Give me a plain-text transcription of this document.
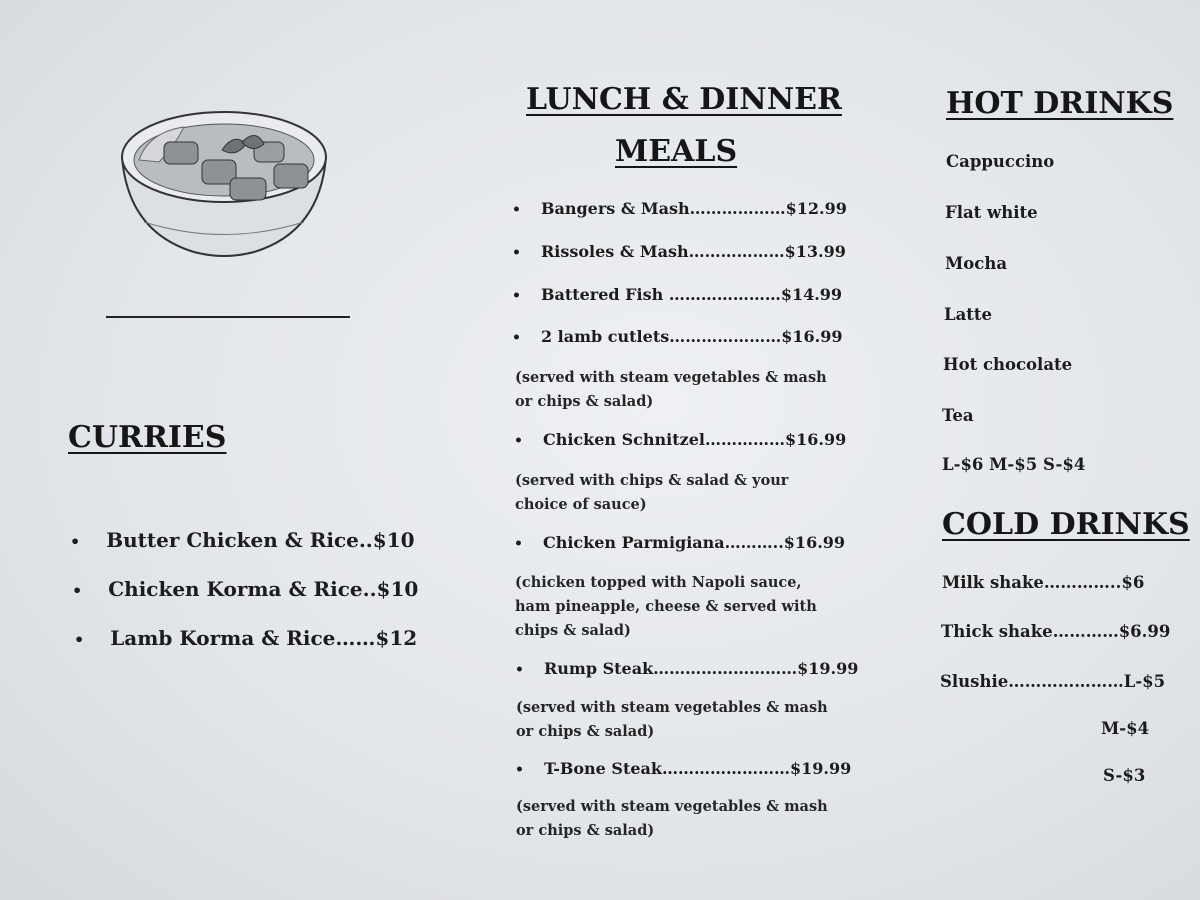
CURRIES
• Butter Chicken & Rice..$10
• Chicken Korma & Rice..$10
• Lamb Korma & Rice……$12
LUNCH & DINNER
MEALS
• Bangers & Mash………………$12.99
• Rissoles & Mash………………$13.99
• Battered Fish …………………$14.99
• 2 lamb cutlets…………………$16.99
(served with steam vegetables & mash or chips & salad)
• Chicken Schnitzel……………$16.99
(served with chips & salad & your choice of sauce)
• Chicken Parmigiana………..$16.99
(chicken topped with Napoli sauce, ham pineapple, cheese & served with chips & salad)
• Rump Steak………………………$19.99
(served with steam vegetables & mash or chips & salad)
• T-Bone Steak……………………$19.99
(served with steam vegetables & mash or chips & salad)
HOT DRINKS
Cappuccino
Flat white
Mocha
Latte
Hot chocolate
Tea
L-$6 M-$5 S-$4
COLD DRINKS
Milk shake…………..$6
Thick shake…………$6.99
Slushie…………………L-$5
M-$4
S-$3
